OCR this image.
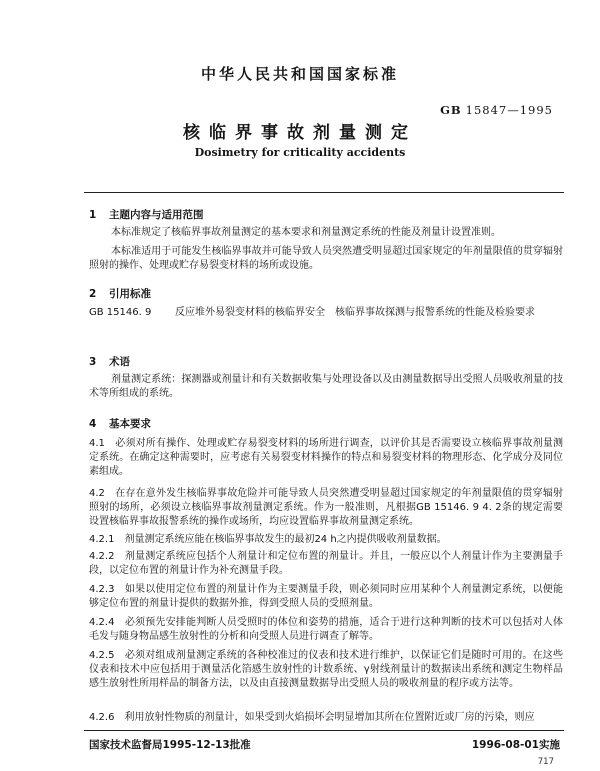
中华人民共和国国家标准
GB 15847—1995
核临界事故剂量测定
Dosimetry for criticality accidents
1 主题内容与适用范围
本标准规定了核临界事故剂量测定的基本要求和剂量测定系统的性能及剂量计设置准则。
本标准适用于可能发生核临界事故并可能导致人员突然遭受明显超过国家规定的年剂量限值的贯穿辐射照射的操作、处理或贮存易裂变材料的场所或设施。
2 引用标准
GB 15146. 9	反应堆外易裂变材料的核临界安全　核临界事故探测与报警系统的性能及检验要求
3 术语
剂量测定系统：探测器或剂量计和有关数据收集与处理设备以及由测量数据导出受照人员吸收剂量的技术等所组成的系统。
4 基本要求
4.1　必须对所有操作、处理或贮存易裂变材料的场所进行调查，以评价其是否需要设立核临界事故剂量测定系统。在确定这种需要时，应考虑有关易裂变材料操作的特点和易裂变材料的物理形态、化学成分及同位素组成。
4.2　在存在意外发生核临界事故危险并可能导致人员突然遭受明显超过国家规定的年剂量限值的贯穿辐射照射的场所，必须设立核临界事故剂量测定系统。作为一般准则，凡根据GB 15146. 9 4. 2条的规定需要设置核临界事故报警系统的操作或场所，均应设置临界事故剂量测定系统。
4.2.1　剂量测定系统应能在核临界事故发生的最初24 h之内提供吸收剂量数据。
4.2.2　剂量测定系统应包括个人剂量计和定位布置的剂量计。并且，一般应以个人剂量计作为主要测量手段，以定位布置的剂量计作为补充测量手段。
4.2.3　如果以使用定位布置的剂量计作为主要测量手段，则必须同时应用某种个人剂量测定系统，以便能够定位布置的剂量计提供的数据外推，得到受照人员的受照剂量。
4.2.4　必须预先安排能判断人员受照时的体位和姿势的措施，适合于进行这种判断的技术可以包括对人体毛发与随身物品感生放射性的分析和向受照人员进行调查了解等。
4.2.5　必须对组成剂量测定系统的各种校准过的仪表和技术进行维护，以保证它们是随时可用的。在这些仪表和技术中应包括用于测量活化箔感生放射性的计数系统、γ射线剂量计的数据读出系统和测定生物样品感生放射性所用样品的制备方法，以及由直接测量数据导出受照人员的吸收剂量的程序或方法等。
4.2.6　利用放射性物质的剂量计，如果受到火焰损坏会明显增加其所在位置附近或厂房的污染，则应
国家技术监督局1995-12-13批准	1996-08-01实施
717
